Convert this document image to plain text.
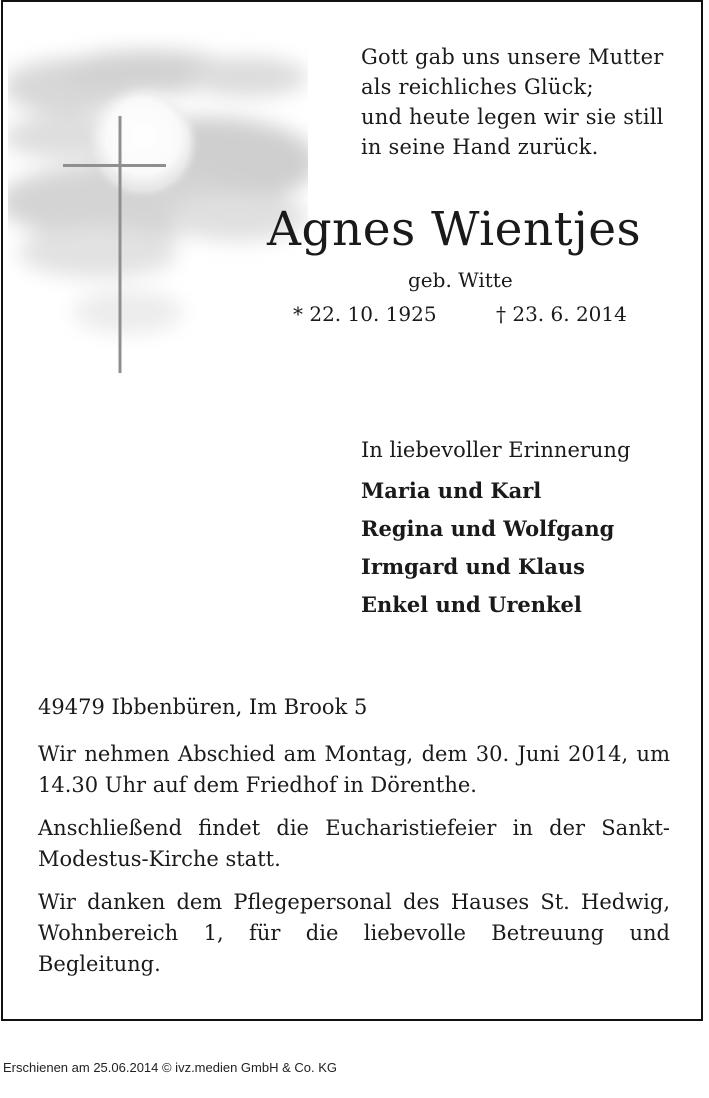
Gott gab uns unsere Mutter
als reichliches Glück;
und heute legen wir sie still
in seine Hand zurück.
Agnes Wientjes
geb. Witte
* 22. 10. 1925	† 23. 6. 2014
In liebevoller Erinnerung
Maria und Karl
Regina und Wolfgang
Irmgard und Klaus
Enkel und Urenkel

49479 Ibbenbüren, Im Brook 5

Wir nehmen Abschied am Montag, dem 30. Juni 2014, um 14.30 Uhr auf dem Friedhof in Dörenthe.

Anschließend findet die Eucharistiefeier in der Sankt-Modestus-Kirche statt.

Wir danken dem Pflegepersonal des Hauses St. Hedwig, Wohnbereich 1, für die liebevolle Betreuung und Begleitung.

Erschienen am 25.06.2014 © ivz.medien GmbH & Co. KG
